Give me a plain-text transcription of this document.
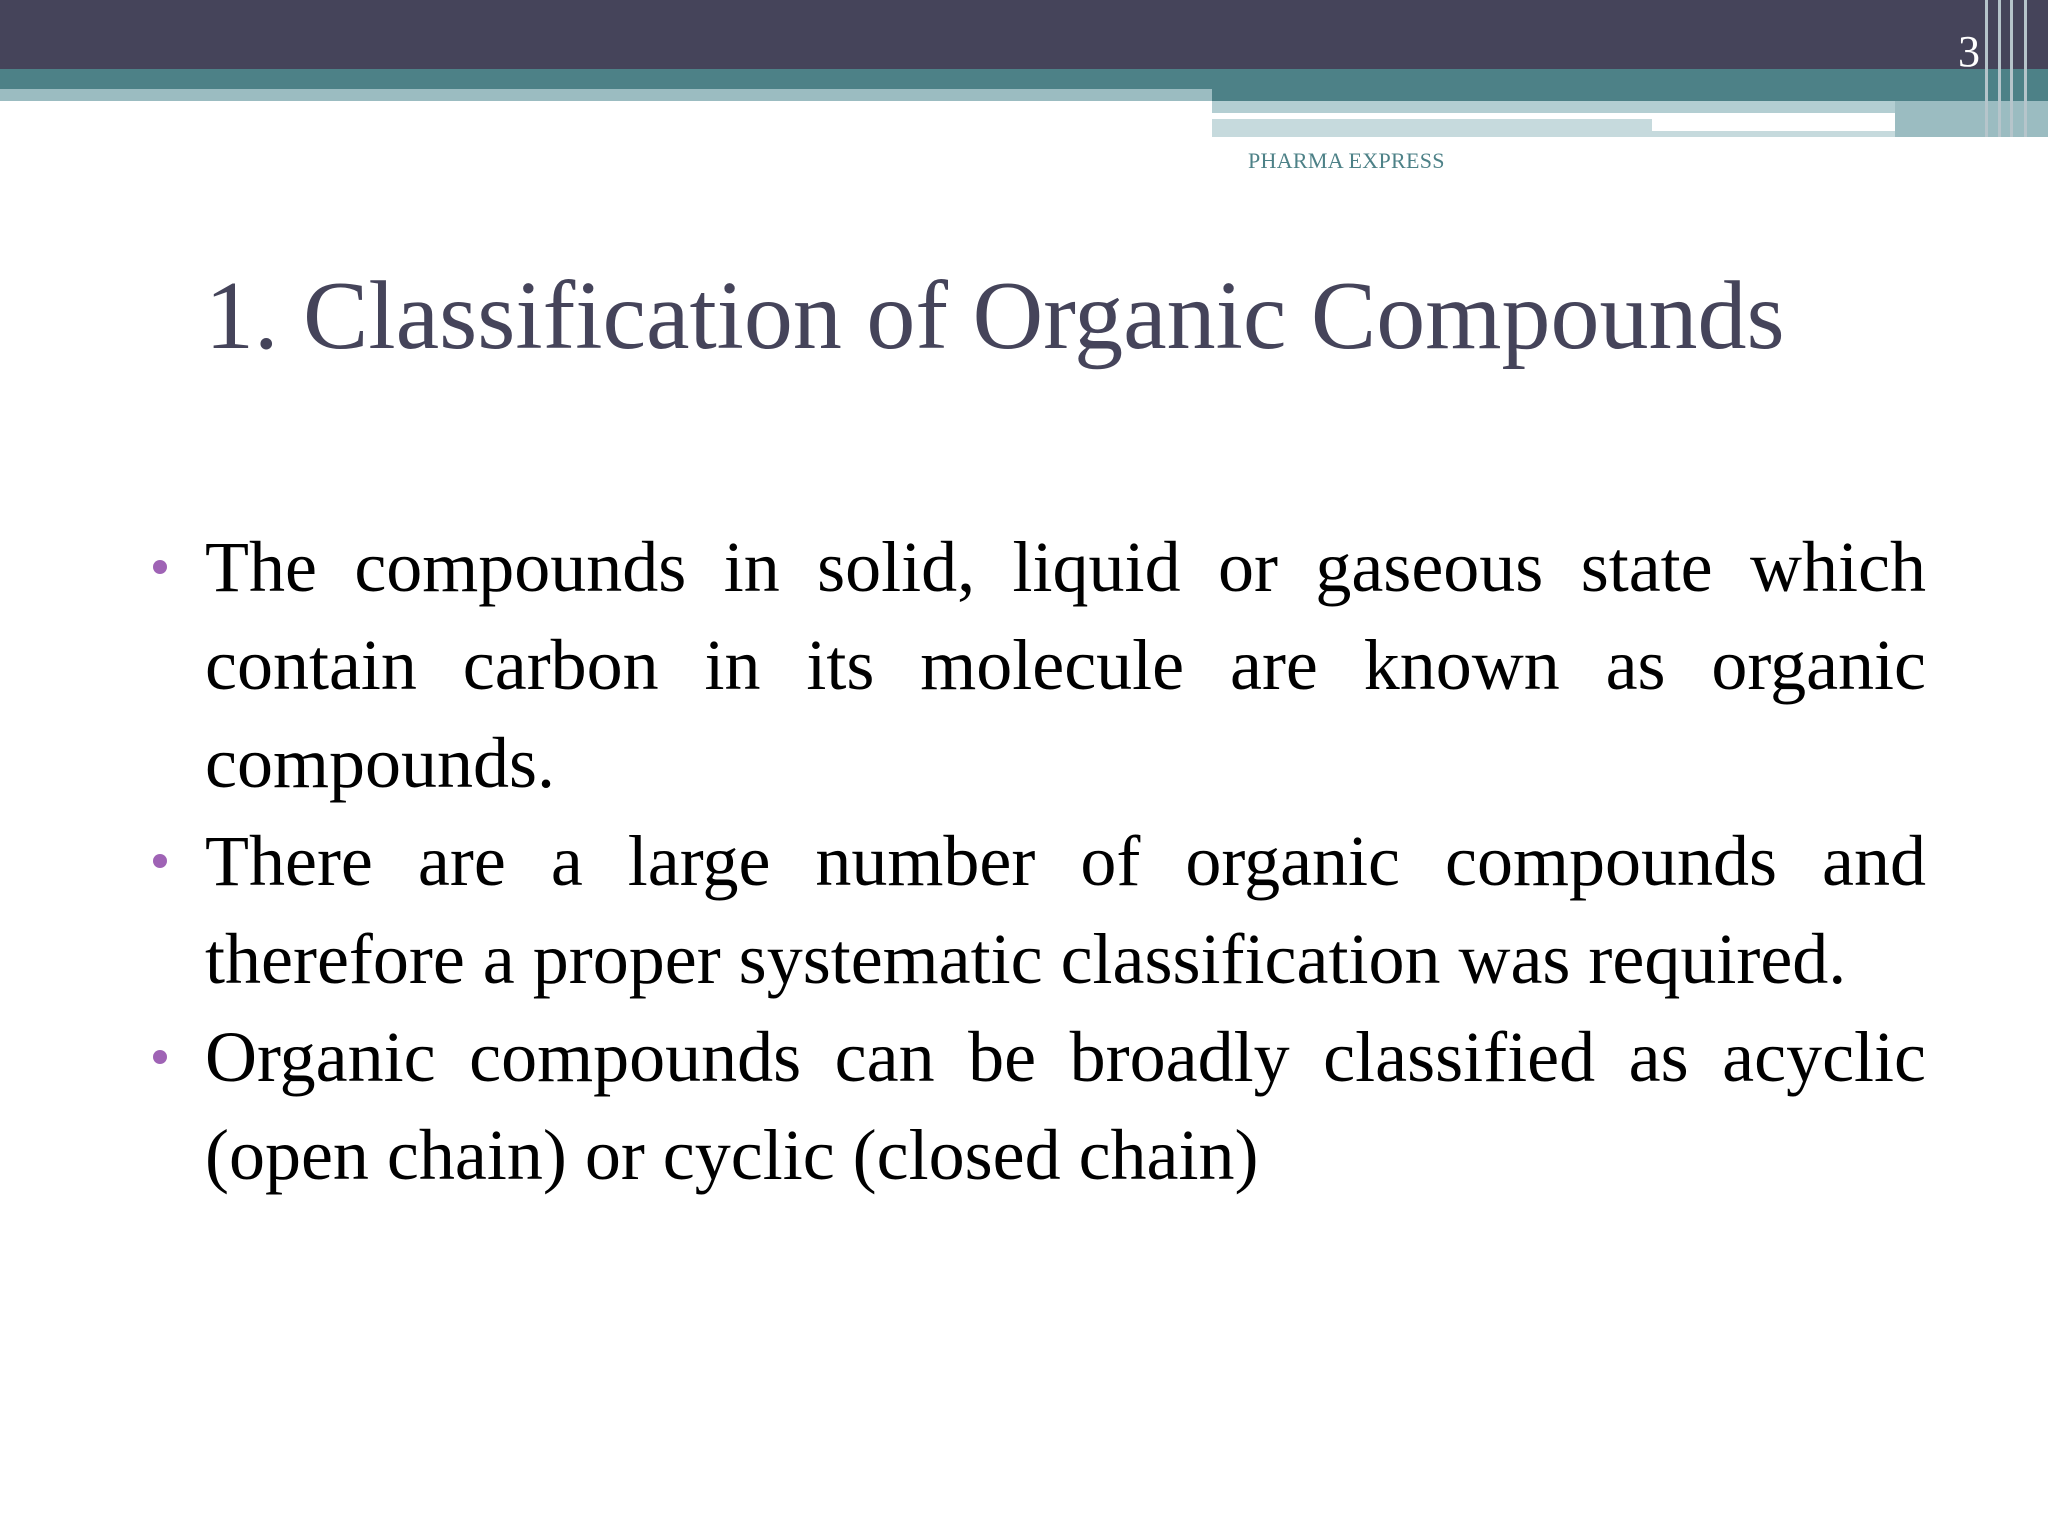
3
PHARMA EXPRESS
1. Classification of Organic Compounds
The compounds in solid, liquid or gaseous state which contain carbon in its molecule are known as organic compounds.
There are a large number of organic compounds and therefore a proper systematic classification was required.
Organic compounds can be broadly classified as acyclic (open chain) or cyclic (closed chain)
